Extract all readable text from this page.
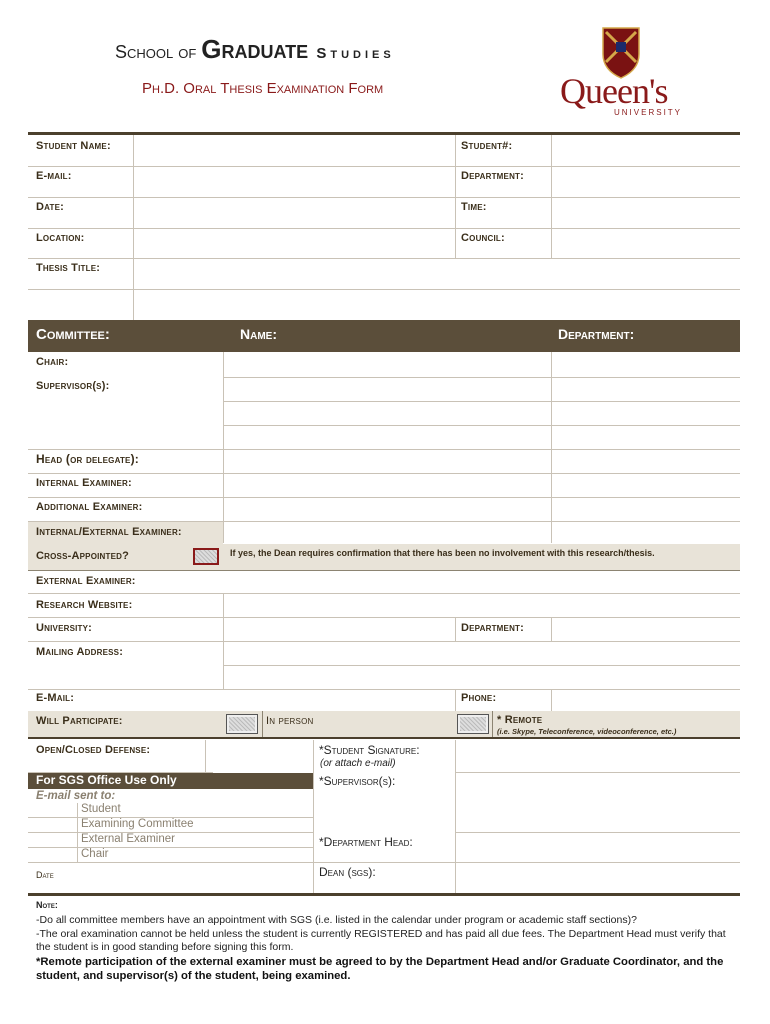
School of Graduate Studies
Ph.D. Oral Thesis Examination Form	Queen's
UNIVERSITY
Student Name:	Student#:
E-mail:	Department:
Date:	Time:
Location:	Council:
Thesis Title:
Committee:	Name:	Department:
Chair:
Supervisor(s):
Head (or delegate):
Internal Examiner:
Additional Examiner:
Internal/External Examiner:
Cross-Appointed?	If yes, the Dean requires confirmation that there has been no involvement with this research/thesis.
External Examiner:
Research Website:
University:	Department:
Mailing Address:
E-Mail:	Phone:
Will Participate:	In person	* Remote
(i.e. Skype, Teleconference, videoconference, etc.)
Open/Closed Defense:	*Student Signature:
(or attach e-mail)
*Supervisor(s):
*Department Head:
Dean (sgs):
For SGS Office Use Only
E-mail sent to:
Student
Examining Committee
External Examiner
Chair
Date
Note:
-Do all committee members have an appointment with SGS (i.e. listed in the calendar under program or academic staff sections)?
-The oral examination cannot be held unless the student is currently REGISTERED and has paid all due fees. The Department Head must verify that the student is in good standing before signing this form.
*Remote participation of the external examiner must be agreed to by the Department Head and/or Graduate Coordinator, and the student, and supervisor(s) of the student, being examined.
